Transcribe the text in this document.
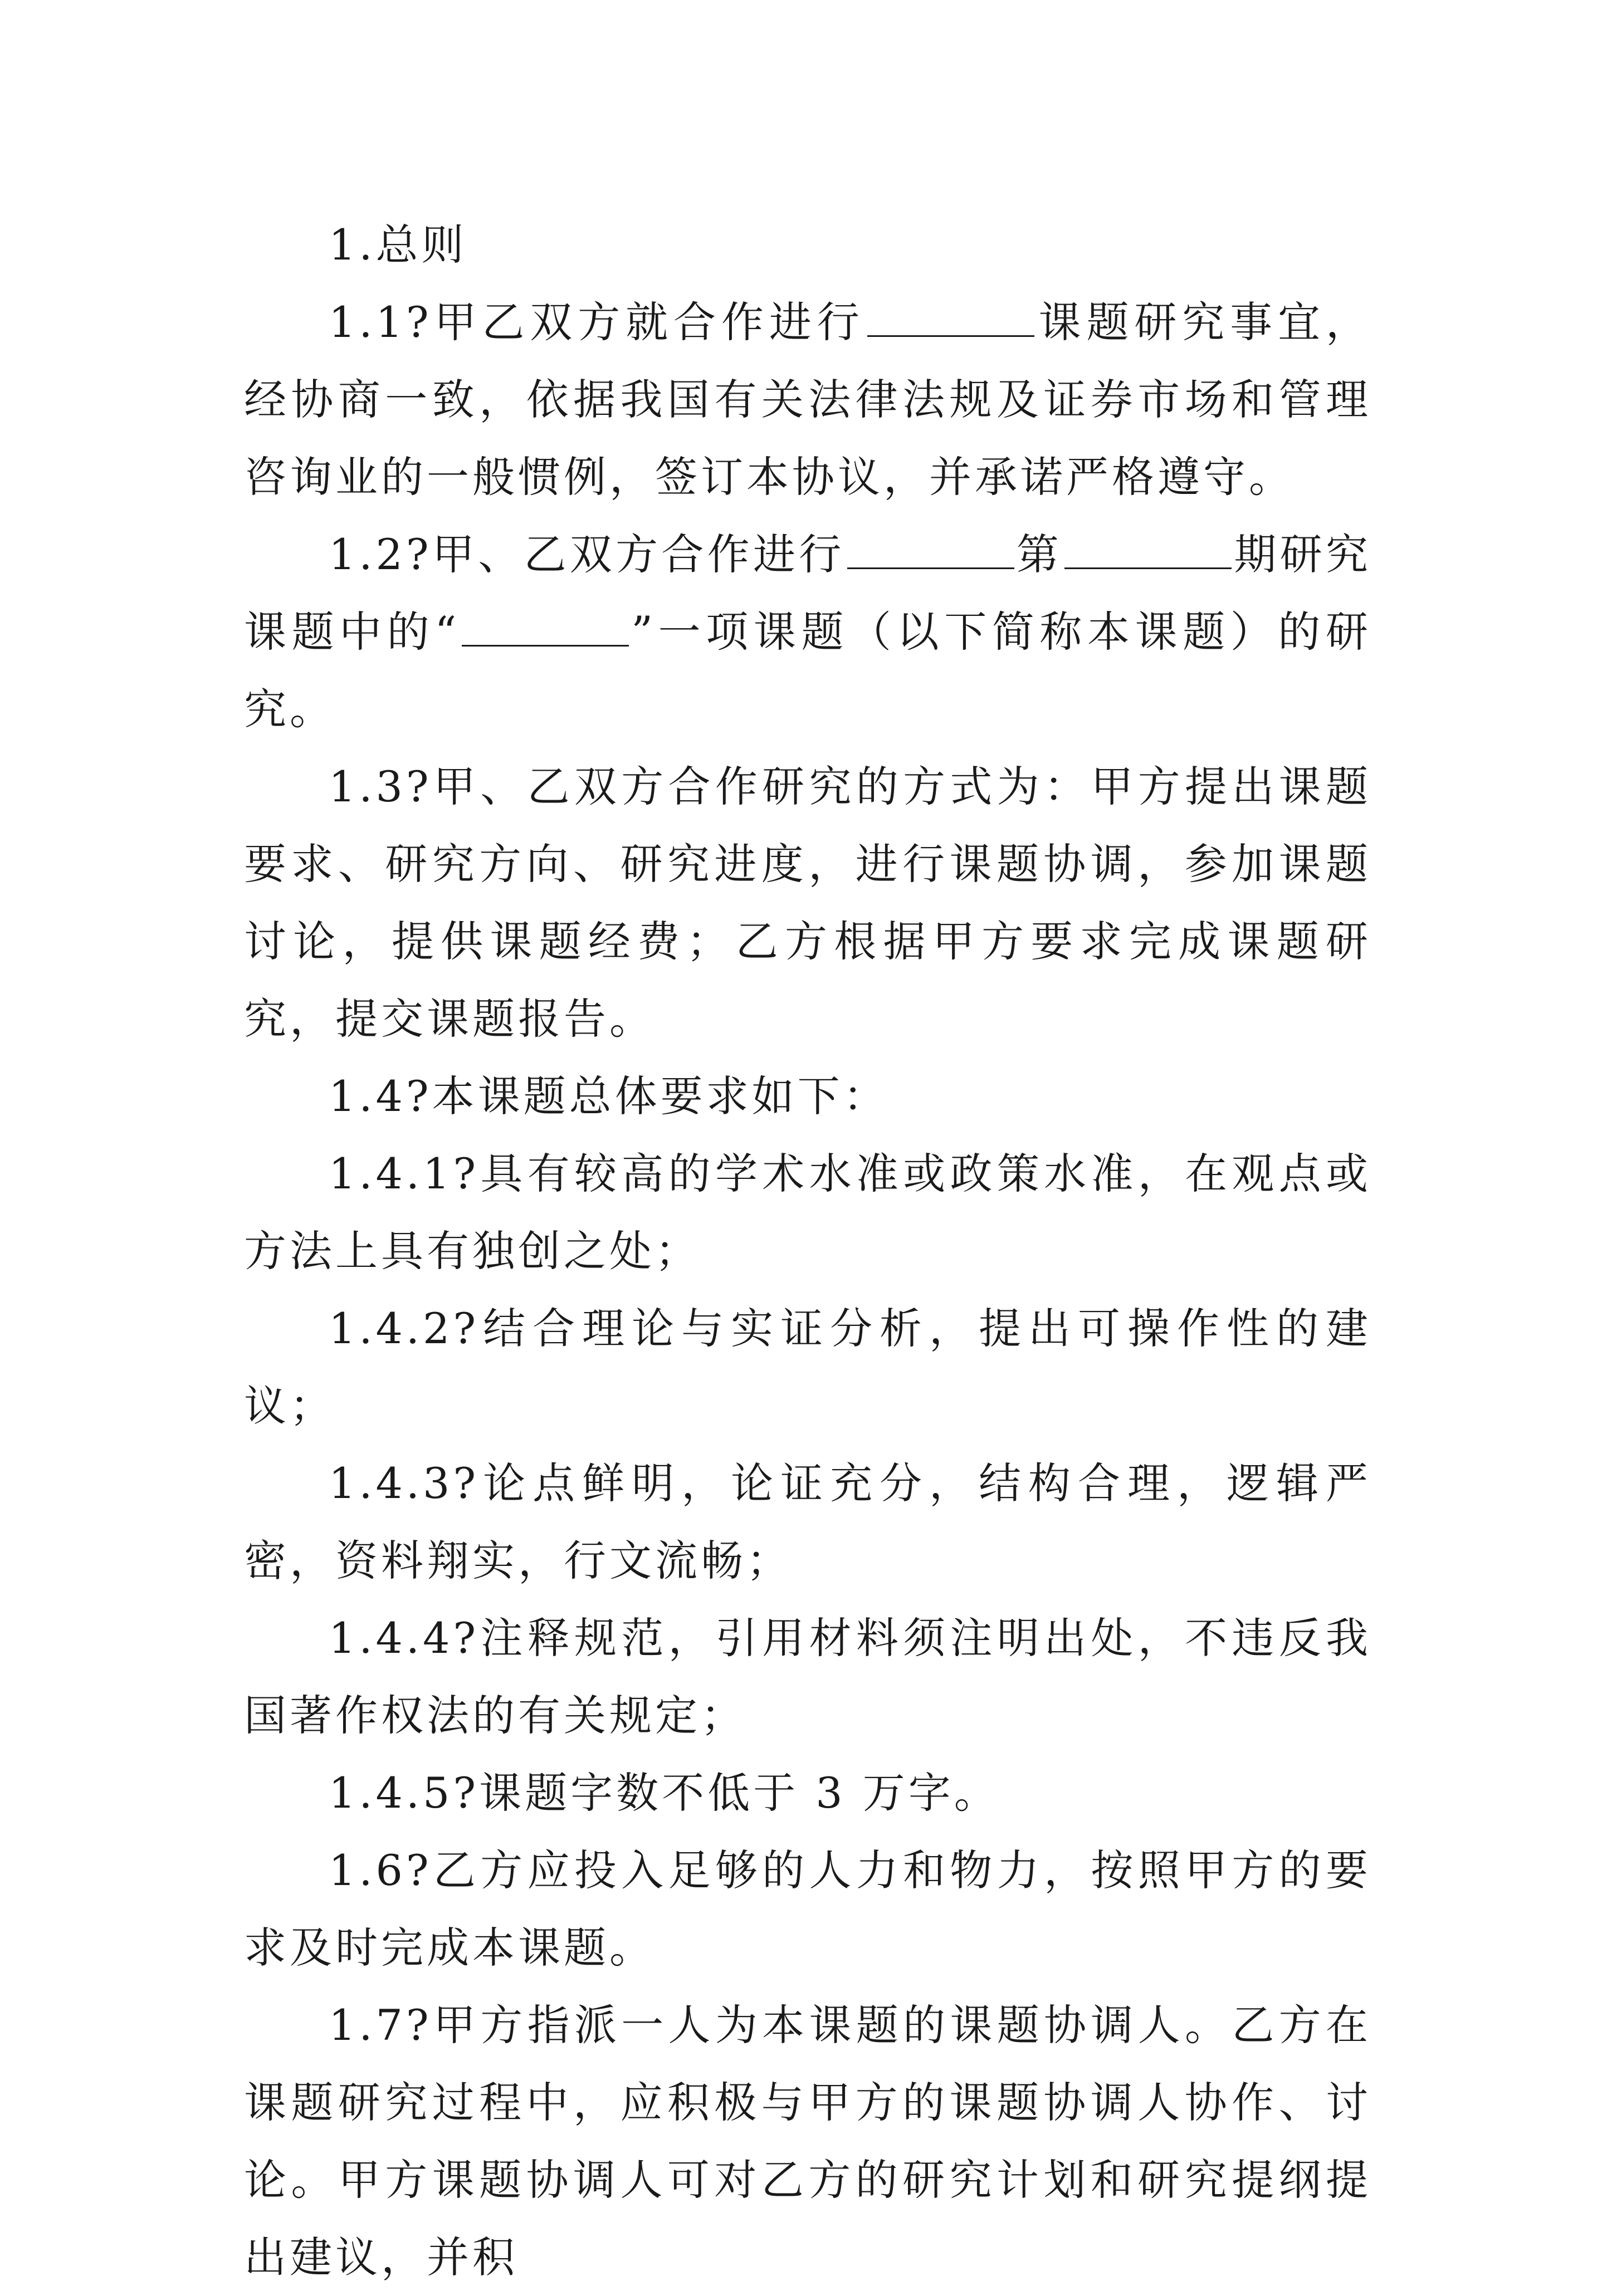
1.总则

1.1?甲乙双方就合作进行	课题研究事宜，经协商一致，依据我国有关法律法规及证券市场和管理咨询业的一般惯例，签订本协议，并承诺严格遵守。

1.2?甲、乙双方合作进行	第	期研究课题中的“	”一项课题（以下简称本课题）的研究。

1.3?甲、乙双方合作研究的方式为：甲方提出课题要求、研究方向、研究进度，进行课题协调，参加课题讨论，提供课题经费；乙方根据甲方要求完成课题研究，提交课题报告。

1.4?本课题总体要求如下：

1.4.1?具有较高的学术水准或政策水准，在观点或方法上具有独创之处；

1.4.2?结合理论与实证分析，提出可操作性的建议；

1.4.3?论点鲜明，论证充分，结构合理，逻辑严密，资料翔实，行文流畅；

1.4.4?注释规范，引用材料须注明出处，不违反我国著作权法的有关规定；

1.4.5?课题字数不低于 3 万字。

1.6?乙方应投入足够的人力和物力，按照甲方的要求及时完成本课题。

1.7?甲方指派一人为本课题的课题协调人。乙方在课题研究过程中，应积极与甲方的课题协调人协作、讨论。甲方课题协调人可对乙方的研究计划和研究提纲提出建议，并积
